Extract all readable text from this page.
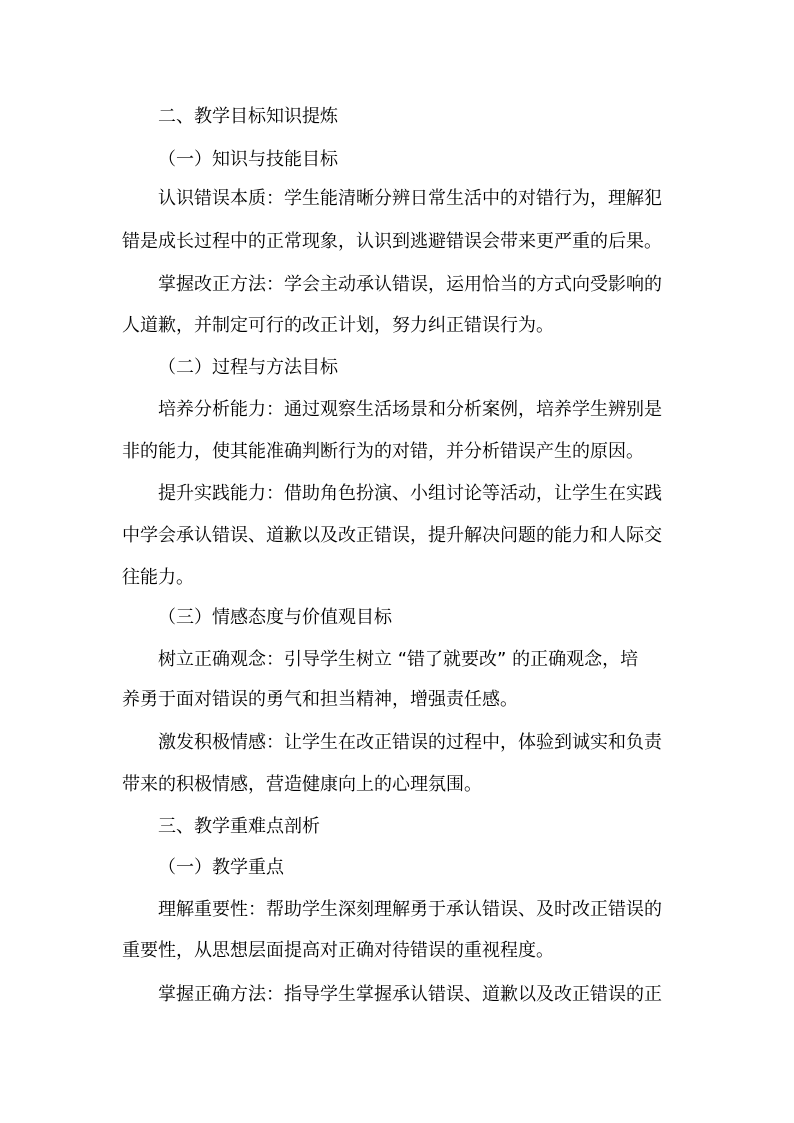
二、教学目标知识提炼
（一）知识与技能目标
认识错误本质：学生能清晰分辨日常生活中的对错行为，理解犯
错是成长过程中的正常现象，认识到逃避错误会带来更严重的后果。
掌握改正方法：学会主动承认错误，运用恰当的方式向受影响的
人道歉，并制定可行的改正计划，努力纠正错误行为。
（二）过程与方法目标
培养分析能力：通过观察生活场景和分析案例，培养学生辨别是
非的能力，使其能准确判断行为的对错，并分析错误产生的原因。
提升实践能力：借助角色扮演、小组讨论等活动，让学生在实践
中学会承认错误、道歉以及改正错误，提升解决问题的能力和人际交
往能力。
（三）情感态度与价值观目标
树立正确观念：引导学生树立 “错了就要改” 的正确观念，培
养勇于面对错误的勇气和担当精神，增强责任感。
激发积极情感：让学生在改正错误的过程中，体验到诚实和负责
带来的积极情感，营造健康向上的心理氛围。
三、教学重难点剖析
（一）教学重点
理解重要性：帮助学生深刻理解勇于承认错误、及时改正错误的
重要性，从思想层面提高对正确对待错误的重视程度。
掌握正确方法：指导学生掌握承认错误、道歉以及改正错误的正
